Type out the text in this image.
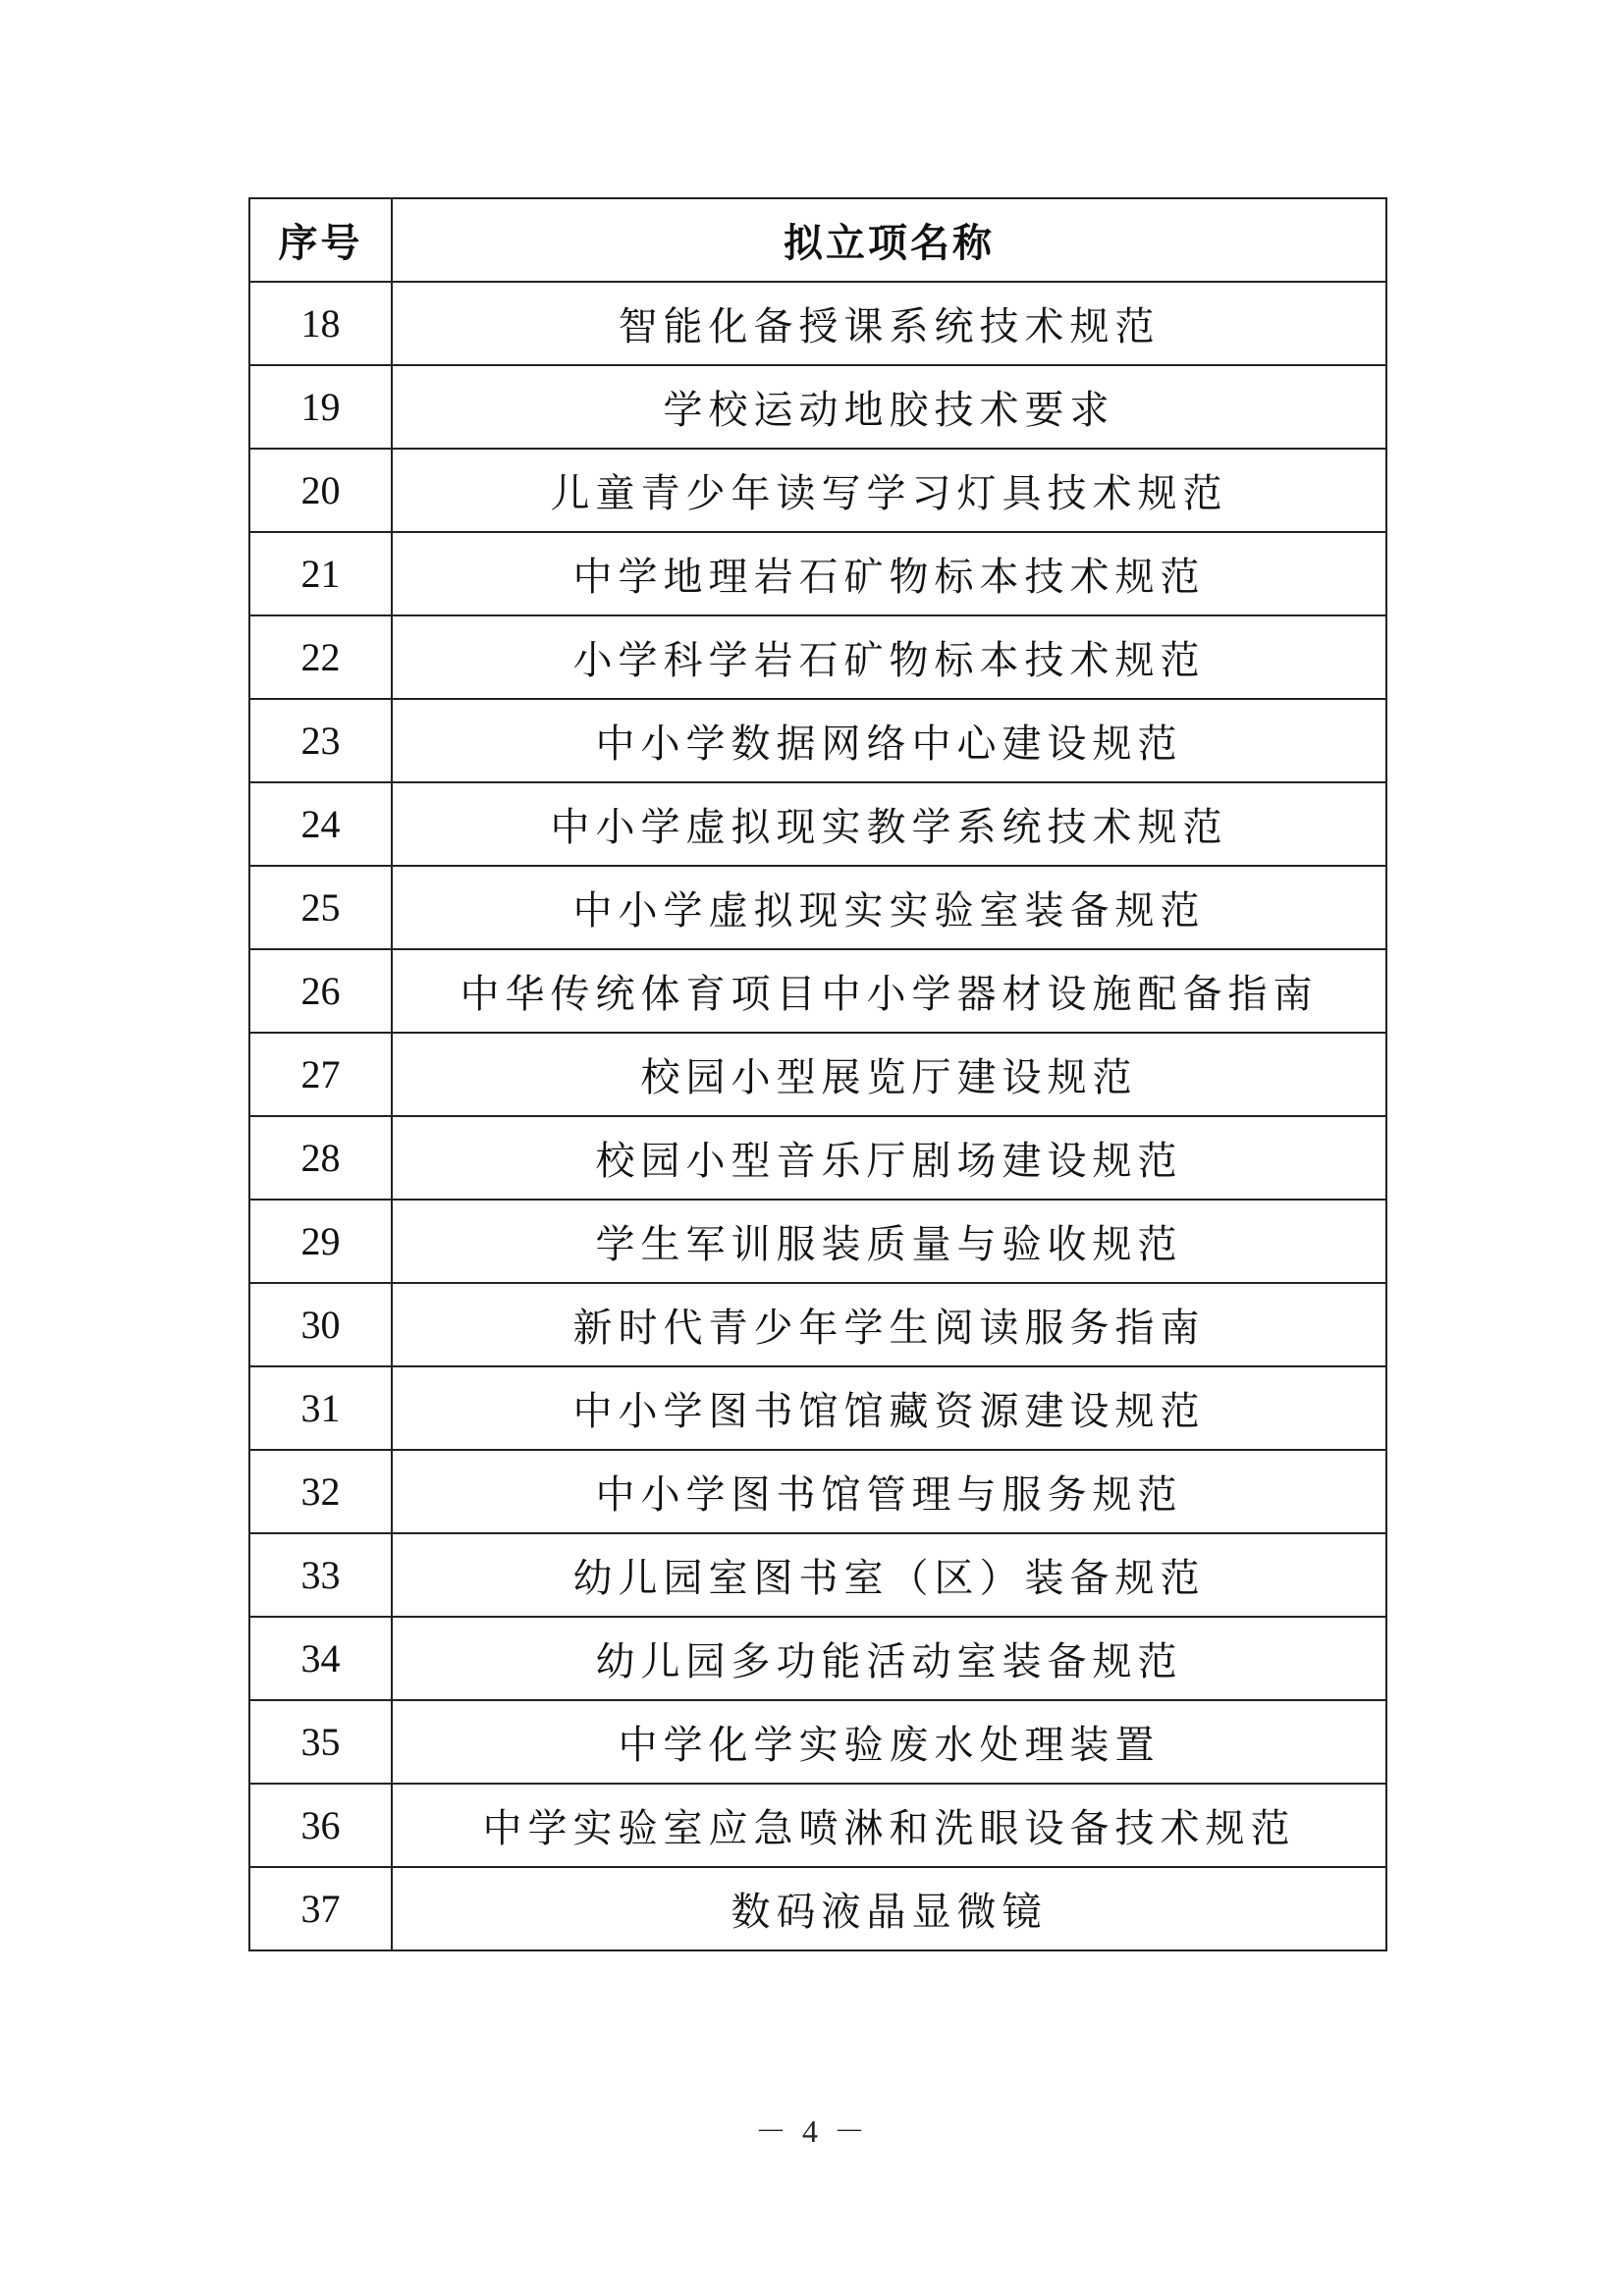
序号	拟立项名称
18	智能化备授课系统技术规范
19	学校运动地胶技术要求
20	儿童青少年读写学习灯具技术规范
21	中学地理岩石矿物标本技术规范
22	小学科学岩石矿物标本技术规范
23	中小学数据网络中心建设规范
24	中小学虚拟现实教学系统技术规范
25	中小学虚拟现实实验室装备规范
26	中华传统体育项目中小学器材设施配备指南
27	校园小型展览厅建设规范
28	校园小型音乐厅剧场建设规范
29	学生军训服装质量与验收规范
30	新时代青少年学生阅读服务指南
31	中小学图书馆馆藏资源建设规范
32	中小学图书馆管理与服务规范
33	幼儿园室图书室（区）装备规范
34	幼儿园多功能活动室装备规范
35	中学化学实验废水处理装置
36	中学实验室应急喷淋和洗眼设备技术规范
37	数码液晶显微镜
－ 4 －
